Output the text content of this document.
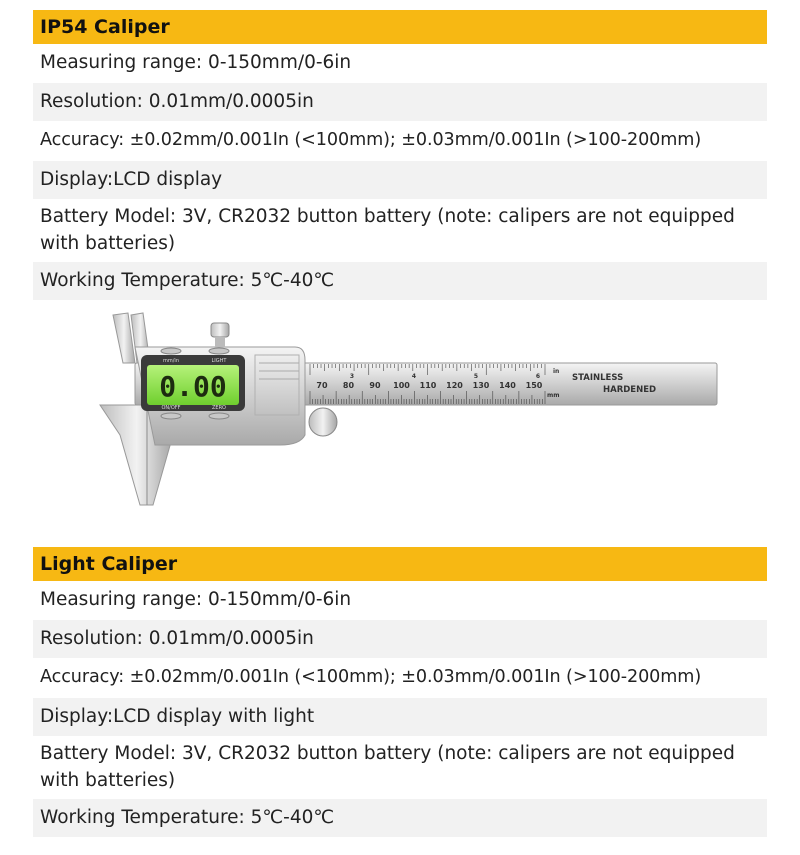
IP54 Caliper
Measuring range: 0-150mm/0-6in
Resolution: 0.01mm/0.0005in
Accuracy: ±0.02mm/0.001In (<100mm); ±0.03mm/0.001In (>100-200mm)
Display:LCD display
Battery Model: 3V, CR2032 button battery (note: calipers are not equipped with batteries)
Working Temperature: 5℃-40℃
0.00
mm/in	LIGHT
ON/OFF	ZERO
70 80 90 100 110 120 130 140 150
3	4	5	6
in
mm
STAINLESS
HARDENED
Light Caliper
Measuring range: 0-150mm/0-6in
Resolution: 0.01mm/0.0005in
Accuracy: ±0.02mm/0.001In (<100mm); ±0.03mm/0.001In (>100-200mm)
Display:LCD display with light
Battery Model: 3V, CR2032 button battery (note: calipers are not equipped with batteries)
Working Temperature: 5℃-40℃
